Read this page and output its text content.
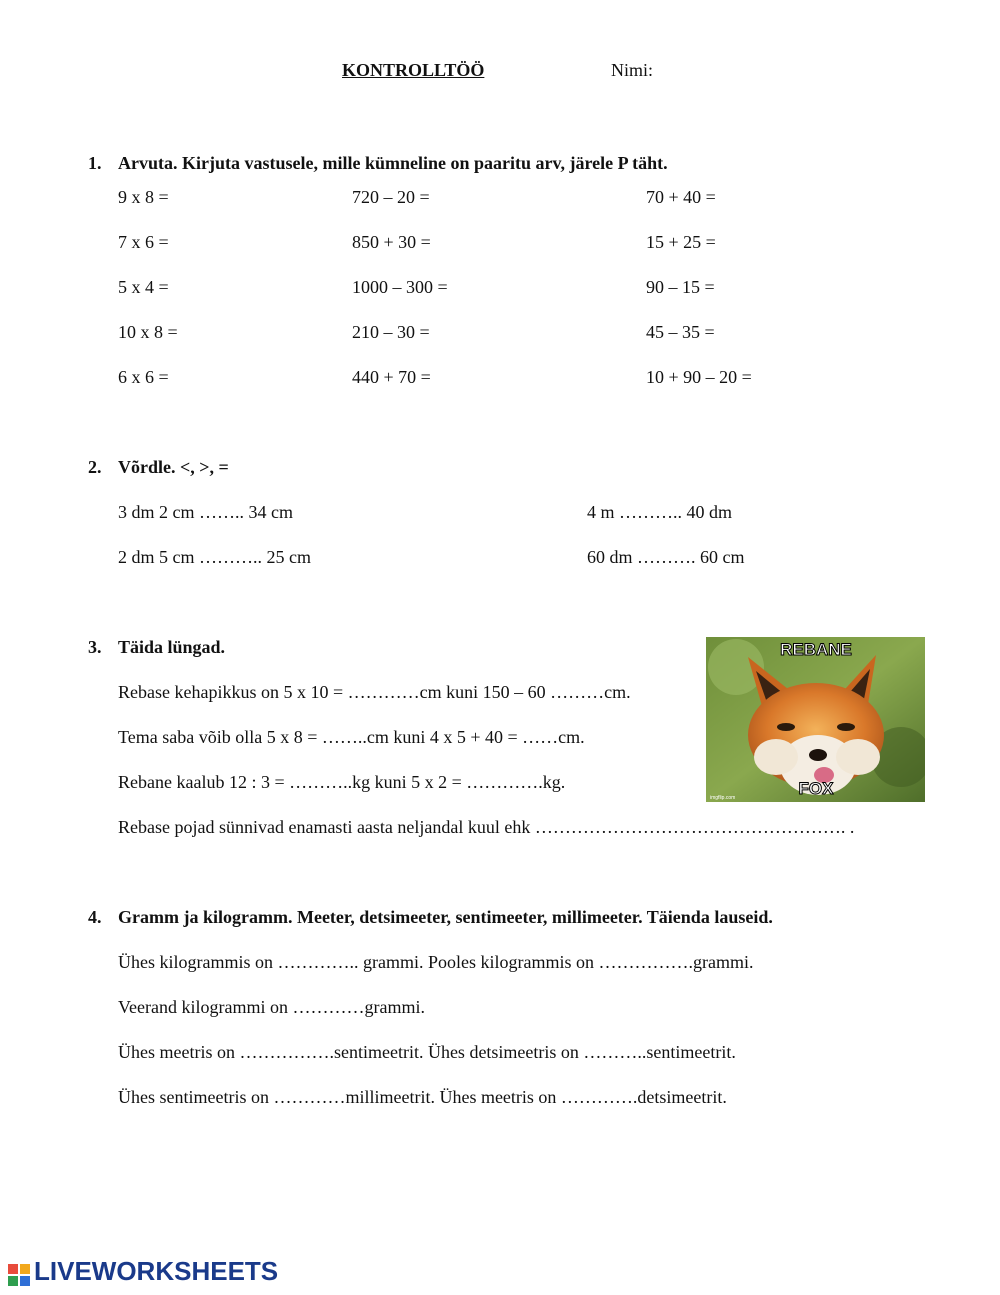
KONTROLLTÖÖ	Nimi:
1. Arvuta. Kirjuta vastusele, mille kümneline on paaritu arv, järele P täht.
9 x 8 =
7 x 6 =
5 x 4 =
10 x 8 =
6 x 6 =
720 – 20 =
850 + 30 =
1000 – 300 =
210 – 30 =
440 + 70 =
70 + 40 =
15 + 25 =
90 – 15 =
45 – 35 =
10 + 90 – 20 =
2. Võrdle. <, >, =
3 dm 2 cm …….. 34 cm
2 dm 5 cm ……….. 25 cm
4 m ……….. 40 dm
60 dm ………. 60 cm
3. Täida lüngad.
Rebase kehapikkus on 5 x 10 = …………cm kuni 150 – 60 ………cm.
Tema saba võib olla 5 x 8 = ……..cm kuni 4 x 5 + 40 = ……cm.
Rebane kaalub 12 : 3 = ………..kg kuni 5 x 2 = ………….kg.
Rebase pojad sünnivad enamasti aasta neljandal kuul ehk ……………………………………………. .
REBANE
FOX
imgflip.com
4. Gramm ja kilogramm. Meeter, detsimeeter, sentimeeter, millimeeter. Täienda lauseid.
Ühes kilogrammis on ………….. grammi. Pooles kilogrammis on …………….grammi.
Veerand kilogrammi on …………grammi.
Ühes meetris on …………….sentimeetrit. Ühes detsimeetris on ………..sentimeetrit.
Ühes sentimeetris on …………millimeetrit. Ühes meetris on ………….detsimeetrit.
LIVEWORKSHEETS
